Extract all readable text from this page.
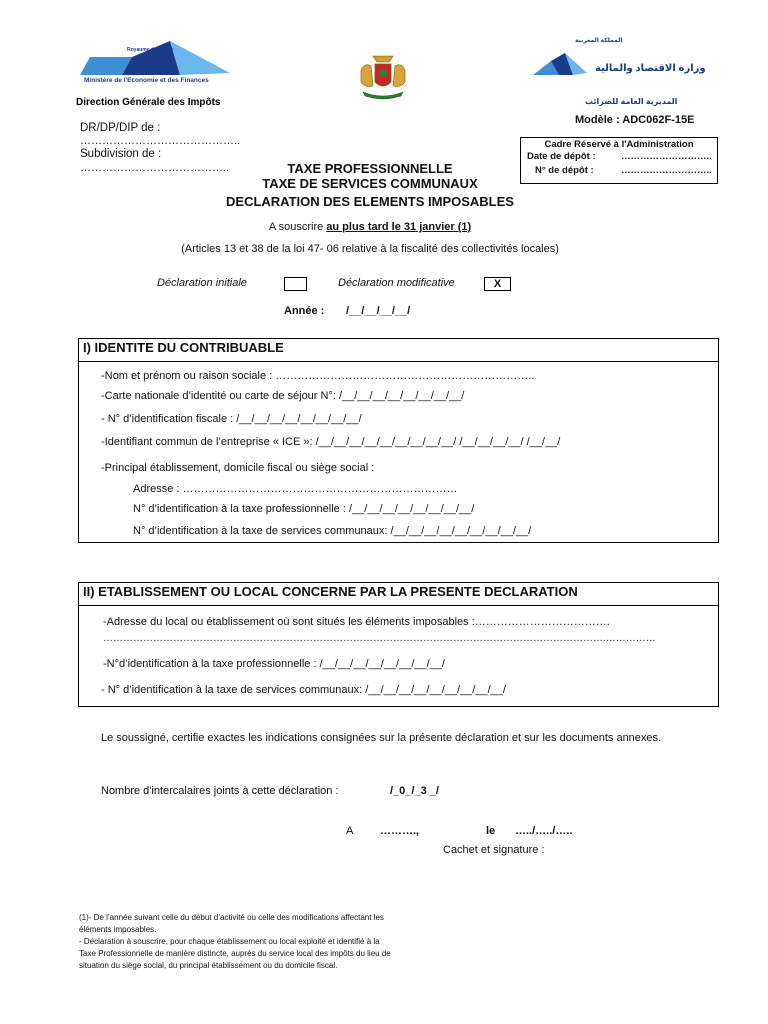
Royaume du Maroc
Ministère de l'Economie et des Finances
Direction Générale des Impôts
المملكة المغربية
وزارة الاقتصاد والمالية
المديرية العامة للضرائب
Modèle : ADC062F-15E
Cadre Réservé à l'Administration
Date de dépôt :	………………………..
N° de dépôt :	………………………..
DR/DP/DIP de :
……………………………………..
Subdivision de :
…………………………………..	TAXE PROFESSIONNELLE
TAXE DE SERVICES COMMUNAUX
DECLARATION DES ELEMENTS IMPOSABLES
A souscrire au plus tard le 31 janvier (1)
(Articles 13 et 38 de la loi 47- 06 relative à la fiscalité des collectivités locales)
Déclaration initiale	Déclaration modificative	X
Année : /__/__/__/__/
I) IDENTITE DU CONTRIBUABLE
-Nom et prénom ou raison sociale : ……………………………………………………………..
-Carte nationale d’identité ou carte de séjour N°: /__/__/__/__/__/__/__/__/
- N° d’identification fiscale : /__/__/__/__/__/__/__/__/
-Identifiant commun de l’entreprise « ICE »: /__/__/__/__/__/__/__/__/__/ /__/__/__/__/ /__/__/
-Principal établissement, domicile fiscal ou siège social :
Adresse : …………………………………………………………………
N° d’identification à la taxe professionnelle : /__/__/__/__/__/__/__/__/
N° d’identification à la taxe de services communaux: /__/__/__/__/__/__/__/__/__/
II) ETABLISSEMENT OU LOCAL CONCERNE PAR LA PRESENTE DECLARATION
-Adresse du local ou établissement où sont situés les éléments imposables :……………………………….
…………………………………………………………………………………………………………………………………….……………
-N°d’identification à la taxe professionnelle : /__/__/__/__/__/__/__/__/
- N° d’identification à la taxe de services communaux: /__/__/__/__/__/__/__/__/__/
Le soussigné, certifie exactes les indications consignées sur la présente déclaration et sur les documents annexes.
Nombre d'intercalaires joints à cette déclaration :	/_0_/_3 _/
A ……….,	le …../…../…..
Cachet et signature :
(1)- De l’année suivant celle du début d’activité ou celle des modifications affectant les
éléments imposables.
- Déclaration à souscrire, pour chaque établissement ou local exploité et identifié à la
Taxe Professionnelle de manière distincte, auprès du service local des impôts du lieu de
situation du siège social, du principal établissement ou du domicile fiscal.
